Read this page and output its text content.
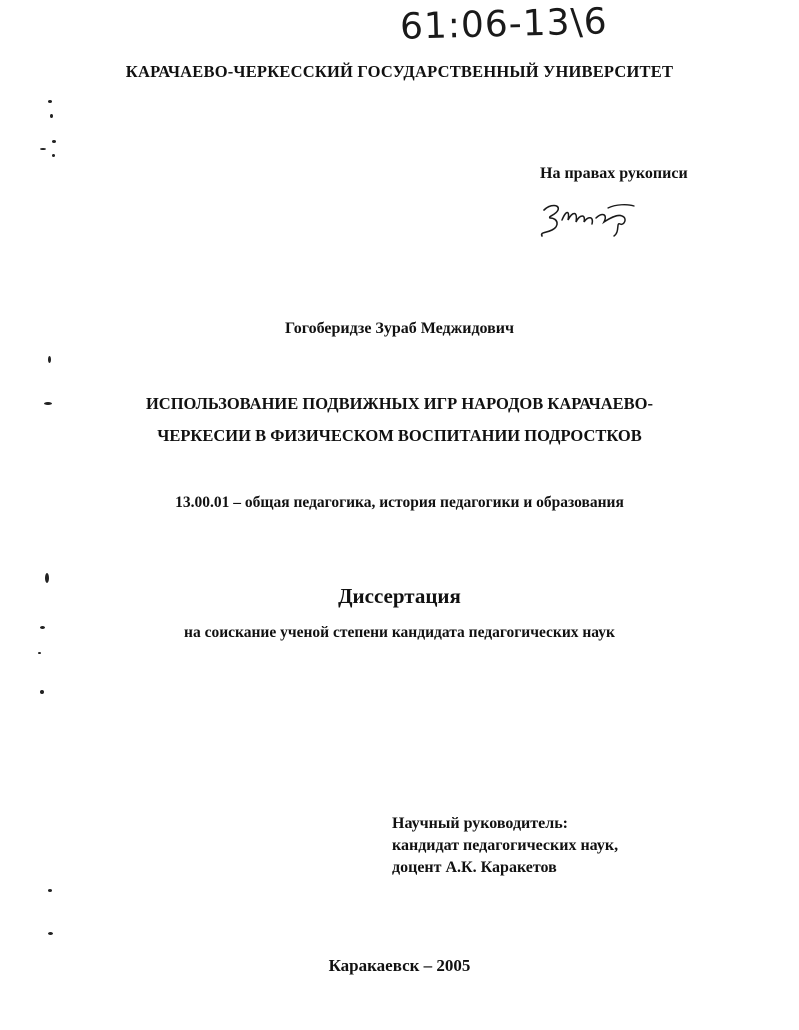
61:06-13\6
КАРАЧАЕВО-ЧЕРКЕССКИЙ ГОСУДАРСТВЕННЫЙ УНИВЕРСИТЕТ
На правах рукописи
Гогоберидзе Зураб Меджидович
ИСПОЛЬЗОВАНИЕ ПОДВИЖНЫХ ИГР НАРОДОВ КАРАЧАЕВО-
ЧЕРКЕСИИ В ФИЗИЧЕСКОМ ВОСПИТАНИИ ПОДРОСТКОВ
13.00.01 – общая педагогика, история педагогики и образования
Диссертация
на соискание ученой степени кандидата педагогических наук
Научный руководитель:
кандидат педагогических наук,
доцент А.К. Каракетов
Каракаевск – 2005
